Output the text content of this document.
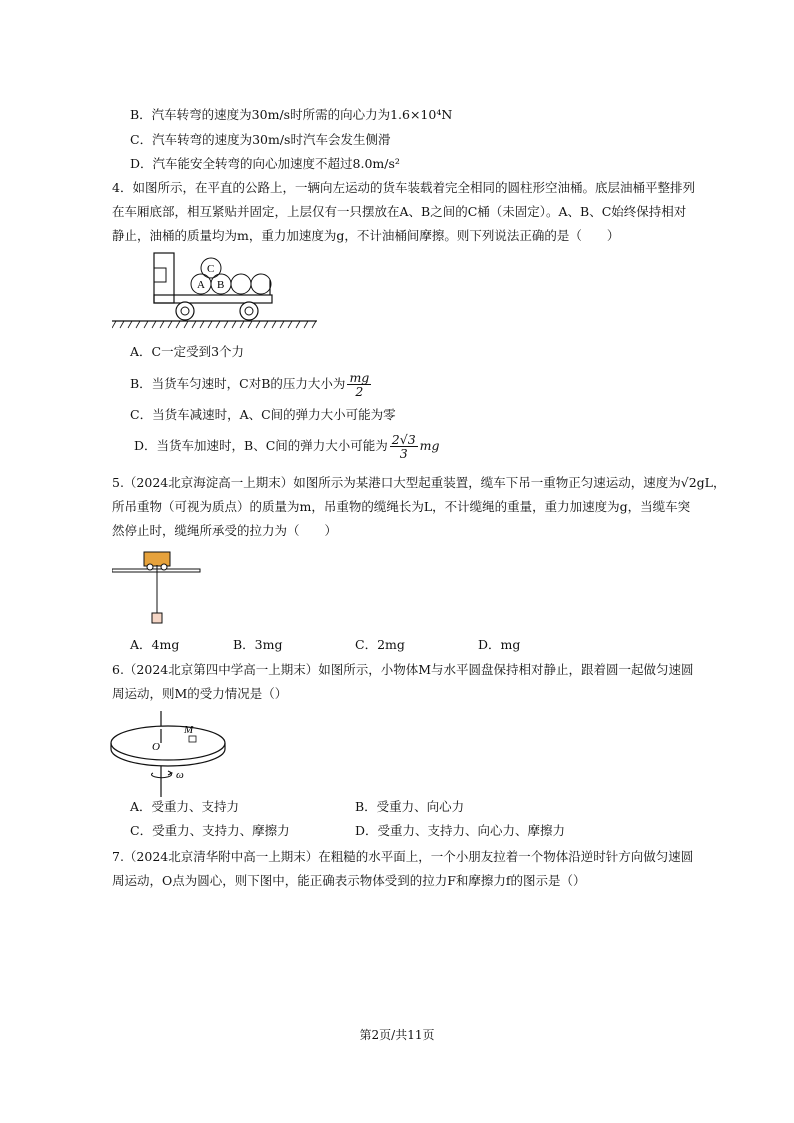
B．汽车转弯的速度为30m/s时所需的向心力为1.6×10⁴N
C．汽车转弯的速度为30m/s时汽车会发生侧滑
D．汽车能安全转弯的向心加速度不超过8.0m/s²
4．如图所示，在平直的公路上，一辆向左运动的货车装载着完全相同的圆柱形空油桶。底层油桶平整排列
在车厢底部，相互紧贴并固定，上层仅有一只摆放在A、B之间的C桶（未固定）。A、B、C始终保持相对
静止，油桶的质量均为m，重力加速度为g，不计油桶间摩擦。则下列说法正确的是（　　）
A B
C
A．C一定受到3个力
B．当货车匀速时，C对B的压力大小为 $\frac{mg}{2}$
C．当货车减速时，A、C间的弹力大小可能为零
D．当货车加速时，B、C间的弹力大小可能为 $\frac{2√3}{3}$ mg
5.（2024北京海淀高一上期末）如图所示为某港口大型起重装置，缆车下吊一重物正匀速运动，速度为√2gL，
所吊重物（可视为质点）的质量为m，吊重物的缆绳长为L，不计缆绳的重量，重力加速度为g，当缆车突
然停止时，缆绳所承受的拉力为（　　）
A．4mg	B．3mg	C．2mg	D．mg
6.（2024北京第四中学高一上期末）如图所示，小物体M与水平圆盘保持相对静止，跟着圆一起做匀速圆
周运动，则M的受力情况是（）
M
O
ω
A．受重力、支持力	B．受重力、向心力
C．受重力、支持力、摩擦力	D．受重力、支持力、向心力、摩擦力
7.（2024北京清华附中高一上期末）在粗糙的水平面上，一个小朋友拉着一个物体沿逆时针方向做匀速圆
周运动，O点为圆心，则下图中，能正确表示物体受到的拉力F和摩擦力f的图示是（）
第2页/共11页
